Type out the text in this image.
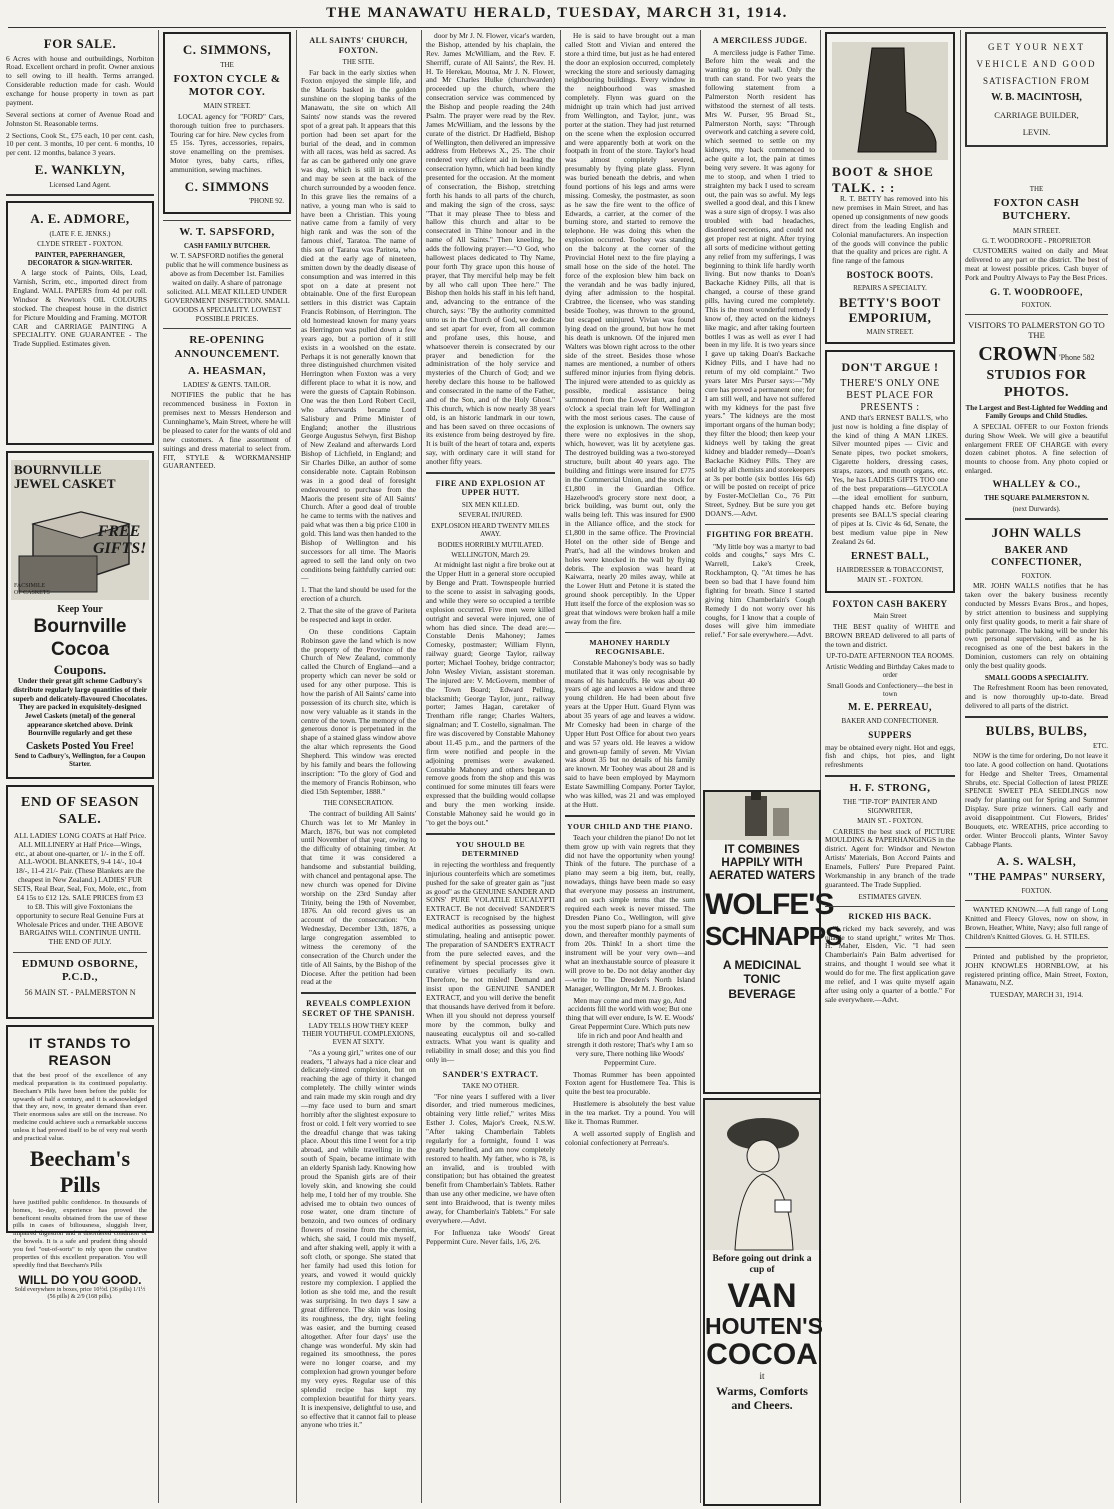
THE MANAWATU HERALD, TUESDAY, MARCH 31, 1914.
FOR SALE.

6 Acres with house and outbuildings, Norbiton Road. Excellent orchard in profit. Owner anxious to sell owing to ill health. Terms arranged. Considerable reduction made for cash. Would exchange for house property in town as part payment.

Several sections at corner of Avenue Road and Johnston St. Reasonable terms.

2 Sections, Cook St., £75 each, 10 per cent. cash, 10 per cent. 3 months, 10 per cent. 6 months, 10 per cent. 12 months, balance 3 years.

E. WANKLYN,
Licensed Land Agent.
A. E. ADMORE,
(LATE F. E. JENKS.)
CLYDE STREET - FOXTON.
PAINTER, PAPERHANGER, DECORATOR & SIGN-WRITER.

A large stock of Paints, Oils, Lead, Varnish, Scrim, etc., imported direct from England. WALL PAPERS from 4d per roll. Windsor & Newton's OIL COLOURS stocked. The cheapest house in the district for Picture Moulding and Framing. MOTOR CAR and CARRIAGE PAINTING A SPECIALITY. ONE GUARANTEE - The Trade Supplied. Estimates given.

BOURNVILLE JEWEL CASKET
FREE GIFTS!
FACSIMILE OF CASKETS
Keep Your
Bournville Cocoa
Coupons.

Under their great gift scheme Cadbury's distribute regularly large quantities of their superb and delicately-flavoured Chocolates. They are packed in exquisitely-designed Jewel Caskets (metal) of the general appearance sketched above. Drink Bournville regularly and get these

Caskets Posted You Free!
Send to Cadbury's, Wellington, for a Coupon Starter.
END OF SEASON SALE.

ALL LADIES' LONG COATS at Half Price. ALL MILLINERY at Half Price—Wings, etc., at about one-quarter, or 1/- in the £ off. ALL-WOOL BLANKETS, 9-4 14/-, 10-4 18/-, 11-4 21/- Pair. (These Blankets are the cheapest in New Zealand.) LADIES' FUR SETS, Real Bear, Seal, Fox, Mole, etc., from £4 15s to £12 12s. SALE PRICES from £3 to £8. This will give Foxtonians the opportunity to secure Real Genuine Furs at Wholesale Prices and under. THE ABOVE BARGAINS WILL CONTINUE UNTIL THE END OF JULY.

EDMUND OSBORNE, P.C.D.,
56 MAIN ST. - PALMERSTON N
IT STANDS TO REASON

that the best proof of the excellence of any medical preparation is its continued popularity. Beecham's Pills have been before the public for upwards of half a century, and it is acknowledged that they are, now, in greater demand than ever. Their enormous sales are still on the increase. No medicine could achieve such a remarkable success unless it had proved itself to be of very real worth and practical value.

Beecham's Pills

have justified public confidence. In thousands of homes, to-day, experience has proved the beneficent results obtained from the use of these pills in cases of biliousness, sluggish liver, impaired digestion and a disordered condition of the bowels. It is a safe and prudent thing should you feel "out-of-sorts" to rely upon the curative properties of this excellent preparation. You will speedily find that Beecham's Pills

WILL DO YOU GOOD.
Sold everywhere in boxes, price 10½d. (36 pills) 1/1½ (56 pills) & 2/9 (168 pills).
C. SIMMONS,
THE
FOXTON CYCLE & MOTOR COY.
MAIN STREET.

LOCAL agency for "FORD" Cars, thorough tuition free to purchasers. Touring car for hire. New cycles from £5 15s. Tyres, accessories, repairs, stove enamelling on the premises. Motor tyres, baby carts, rifles, ammunition, sewing machines.

C. SIMMONS
'PHONE 92.
W. T. SAPSFORD,
CASH FAMILY BUTCHER.

W. T. SAPSFORD notifies the general public that he will commence business as above as from December 1st. Families waited on daily. A share of patronage solicited. ALL MEAT KILLED UNDER GOVERNMENT INSPECTION. SMALL GOODS A SPECIALITY. LOWEST POSSIBLE PRICES.

RE-OPENING ANNOUNCEMENT.
A. HEASMAN,
LADIES' & GENTS. TAILOR.

NOTIFIES the public that he has recommenced business in Foxton in premises next to Messrs Henderson and Cunninghame's, Main Street, where he will be pleased to cater for the wants of old and new customers. A fine assortment of suitings and dress material to select from. FIT, STYLE & WORKMANSHIP GUARANTEED.

ALL SAINTS' CHURCH, FOXTON.
THE SITE.

Far back in the early sixties when Foxton enjoyed the simple life, and the Maoris basked in the golden sunshine on the sloping banks of the Manawatu, the site on which All Saints' now stands was the revered spot of a great pah. It appears that this portion had been set apart for the burial of the dead, and in common with all races, was held as sacred. As far as can be gathered only one grave was dug, which is still in existence and may be seen at the back of the church surrounded by a wooden fence. In this grave lies the remains of a native, a young man who is said to have been a Christian. This young native came from a family of very high rank and was the son of the famous chief, Taratoa. The name of this son of Taratoa was Pariteta, who died at the early age of nineteen, smitten down by the deadly disease of consumption and was interred in this spot on a date at present not obtainable. One of the first European settlers in this district was Captain Francis Robinson, of Herrington. The old homestead known for many years as Herrington was pulled down a few years ago, but a portion of it still exists in a woolshed on the estate. Perhaps it is not generally known that three distinguished churchmen visited Herrington when Foxton was a very different place to what it is now, and were the guests of Captain Robinson. One was the then Lord Robert Cecil, who afterwards became Lord Salisbury and Prime Minister of England; another the illustrious George Augustus Selwyn, first Bishop of New Zealand and afterwards Lord Bishop of Lichfield, in England; and Sir Charles Dilke, an author of some considerable note. Captain Robinson was in a good deal of foresight endeavoured to purchase from the Maoris the present site of All Saints' Church. After a good deal of trouble he came to terms with the natives and paid what was then a big price £100 in gold. This land was then handed to the Bishop of Wellington and his successors for all time. The Maoris agreed to sell the land only on two conditions being faithfully carried out:—

1. That the land should be used for the erection of a church.

2. That the site of the grave of Pariteta be respected and kept in order.

On these conditions Captain Robinson gave the land which is now the property of the Province of the Church of New Zealand, commonly called the Church of England—and a property which can never be sold or used for any other purpose. This is how the parish of All Saints' came into possession of its church site, which is now very valuable as it stands in the centre of the town. The memory of the generous donor is perpetuated in the shape of a stained glass window above the altar which represents the Good Shepherd. This window was erected by his family and bears the following inscription: "To the glory of God and the memory of Francis Robinson, who died 15th September, 1888."

THE CONSECRATION.

The contract of building All Saints' Church was let to Mr Manley in March, 1876, but was not completed until November of that year, owing to the difficulty of obtaining timber. At that time it was considered a handsome and substantial building, with chancel and pentagonal apse. The new church was opened for Divine worship on the 23rd Sunday after Trinity, being the 19th of November, 1876. An old record gives us an account of the consecration: "On Wednesday, December 13th, 1876, a large congregation assembled to witness the ceremony of the consecration of the Church under the title of All Saints, by the Bishop of the Diocese. After the petition had been read at the

REVEALS COMPLEXION SECRET OF THE SPANISH.
LADY TELLS HOW THEY KEEP THEIR YOUTHFUL COMPLEXIONS, EVEN AT SIXTY.

"As a young girl," writes one of our readers, "I always had a nice clear and delicately-tinted complexion, but on reaching the age of thirty it changed completely. The chilly winter winds and rain made my skin rough and dry—my face used to burn and smart horribly after the slightest exposure to frost or cold. I felt very worried to see the dreadful change that was taking place. About this time I went for a trip abroad, and while travelling in the south of Spain, became intimate with an elderly Spanish lady. Knowing how proud the Spanish girls are of their lovely skin, and knowing she could help me, I told her of my trouble. She advised me to obtain two ounces of rose water, one dram tincture of benzoin, and two ounces of ordinary flowers of roseine from the chemist, which, she said, I could mix myself, and after shaking well, apply it with a soft cloth, or sponge. She stated that her family had used this lotion for years, and vowed it would quickly restore my complexion. I applied the lotion as she told me, and the result was surprising. In two days I saw a great difference. The skin was losing its roughness, the dry, tight feeling was easier, and the burning ceased altogether. After four days' use the change was wonderful. My skin had regained its smoothness, the pores were no longer coarse, and my complexion had grown younger before my very eyes. Regular use of this splendid recipe has kept my complexion beautiful for thirty years. It is inexpensive, delightful to use, and so effective that it cannot fail to please anyone who tries it."

door by Mr J. N. Flower, vicar's warden, the Bishop, attended by his chaplain, the Rev. James McWilliam, and the Rev. F. Sherriff, curate of All Saints', the Rev. H. H. Te Herekau, Moutoa, Mr J. N. Flower, and Mr Charles Hulke (churchwarden) proceeded up the church, where the consecration service was commenced by the Bishop and people reading the 24th Psalm. The prayer were read by the Rev. James McWilliam, and the lessons by the curate of the district. Dr Hadfield, Bishop of Wellington, then delivered an impressive address from Hebrews X., 25. The choir rendered very efficient aid in leading the consecration hymn, which had been kindly presented for the occasion. At the moment of consecration, the Bishop, stretching forth his hands to all parts of the church, and making the sign of the cross, says: "That it may please Thee to bless and hallow this church and altar to be consecrated in Thine honour and in the name of All Saints." Then kneeling, he adds the following prayer:—"O God, who hallowest places dedicated to Thy Name, pour forth Thy grace upon this house of prayer, that Thy merciful help may be felt by all who call upon Thee here." The Bishop then holds his staff in his left hand, and, advancing to the entrance of the church, says: "By the authority committed unto us in the Church of God, we dedicate and set apart for ever, from all common and profane uses, this house, and whatsoever therein is consecrated by our prayer and benediction for the administration of the holy service and mysteries of the Church of God; and we hereby declare this house to be hallowed and consecrated in the name of the Father, and of the Son, and of the Holy Ghost." This church, which is now nearly 38 years old, is an historic landmark in our town, and has been saved on three occasions of its existence from being destroyed by fire. It is built of the heart of totara and, experts say, with ordinary care it will stand for another fifty years.

FIRE AND EXPLOSION AT UPPER HUTT.
SIX MEN KILLED.
SEVERAL INJURED.
EXPLOSION HEARD TWENTY MILES AWAY.
BODIES HORRIBLY MUTILATED.
WELLINGTON, March 29.

At midnight last night a fire broke out at the Upper Hutt in a general store occupied by Benge and Pratt. Townspeople hurried to the scene to assist in salvaging goods, and while they were so occupied a terrible explosion occurred. Five men were killed outright and several were injured, one of whom has died since. The dead are:—Constable Denis Mahoney; James Comesky, postmaster; William Flynn, railway guard; George Taylor, railway porter; Michael Toohey, bridge contractor; John Wesley Vivian, assistant storeman. The injured are: V. McGovern, member of the Town Board; Edward Pelling, blacksmith; George Taylor, junr., railway porter; James Hagan, caretaker of Trentham rifle range; Charles Walters, signalman; and T. Costello, signalman. The fire was discovered by Constable Mahoney about 11.45 p.m., and the partners of the firm were notified and people in the adjoining premises were awakened. Constable Mahoney and others began to remove goods from the shop and this was continued for some minutes till fears were expressed that the building would collapse and bury the men working inside. Constable Mahoney said he would go in "to get the boys out."

YOU SHOULD BE DETERMINED

in rejecting the worthless and frequently injurious counterfeits which are sometimes pushed for the sake of greater gain as "just as good" as the GENUINE SANDER AND SONS' PURE VOLATILE EUCALYPTI EXTRACT. Be not deceived! SANDER'S EXTRACT is recognised by the highest medical authorities as possessing unique stimulating, healing and antiseptic power. The preparation of SANDER'S EXTRACT from the pure selected eaves, and the refinement by special processes give it curative virtues peculiarly its own. Therefore, be not misled! Demand and insist upon the GENUINE SANDER EXTRACT, and you will derive the benefit that thousands have derived from it before. When ill you should not depress yourself more by the common, bulky and nauseating eucalyptus oil and so-called extracts. What you want is quality and reliability in small dose; and this you find only in—

SANDER'S EXTRACT.
TAKE NO OTHER.

"For nine years I suffered with a liver disorder, and tried numerous medicines, obtaining very little relief," writes Miss Esther J. Coles, Major's Creek, N.S.W. "After taking Chamberlain Tablets regularly for a fortnight, found I was greatly benefited, and am now completely restored to health. My father, who is 78, is an invalid, and is troubled with constipation; but has obtained the greatest benefit from Chamberlain's Tablets. Rather than use any other medicine, we have often sent into Braidwood, that is twenty miles away, for Chamberlain's Tablets." For sale everywhere.—Advt.

For Influenza take Woods' Great Peppermint Cure. Never fails, 1/6, 2/6.

He is said to have brought out a man called Stott and Vivian and entered the store a third time, but just as he had entered the door an explosion occurred, completely wrecking the store and seriously damaging neighbouring buildings. Every window in the neighbourhood was smashed completely. Flynn was guard on the midnight up train which had just arrived from Wellington, and Taylor, junr., was porter at the station. They had just returned on the scene when the explosion occurred and were apparently both at work on the footpath in front of the store. Taylor's head was almost completely severed, presumably by flying plate glass. Flynn was buried beneath the debris, and when found portions of his legs and arms were missing. Comesky, the postmaster, as soon as he saw the fire went to the office of Edwards, a carrier, at the corner of the burning store, and started to remove the telephone. He was doing this when the explosion occurred. Toohey was standing on the balcony at the corner of the Provincial Hotel next to the fire playing a small hose on the side of the hotel. The force of the explosion blew him back on the verandah and he was badly injured, dying after admission to the hospital. Crabtree, the licensee, who was standing beside Toohey, was thrown to the ground, but escaped uninjured. Vivian was found lying dead on the ground, but how he met his death is unknown. Of the injured men Walters was blown right across to the other side of the street. Besides those whose names are mentioned, a number of others suffered minor injuries from flying debris. The injured were attended to as quickly as possible, medical assistance being summoned from the Lower Hutt, and at 2 o'clock a special train left for Wellington with the most serious cases. The cause of the explosion is unknown. The owners say there were no explosives in the shop, which, however, was lit by acetylene gas. The destroyed building was a two-storeyed structure, built about 40 years ago. The building and fittings were insured for £775 in the Commercial Union, and the stock for £1,800 in the Guardian Office. Hazelwood's grocery store next door, a brick building, was burnt out, only the walls being left. This was insured for £900 in the Alliance office, and the stock for £1,800 in the same office. The Provincial Hotel on the other side of Benge and Pratt's, had all the windows broken and holes were knocked in the wall by flying debris. The explosion was heard at Kaiwarra, nearly 20 miles away, while at the Lower Hutt and Petone it is stated the ground shook perceptibly. In the Upper Hutt itself the force of the explosion was so great that windows were broken half a mile away from the fire.

MAHONEY HARDLY RECOGNISABLE.

Constable Mahoney's body was so badly mutilated that it was only recognisable by means of his handcuffs. He was about 40 years of age and leaves a widow and three young children. He had been about five years at the Upper Hutt. Guard Flynn was about 35 years of age and leaves a widow. Mr Comesky had been in charge of the Upper Hutt Post Office for about two years and was 57 years old. He leaves a widow and grown-up family of seven. Mr Vivian was about 35 but no details of his family are known. Mr Toohey was about 28 and is said to have been employed by Maymorn Estate Sawmilling Company. Porter Taylor, who was killed, was 21 and was employed at the Hutt.

YOUR CHILD AND THE PIANO.

Teach your children the piano! Do not let them grow up with vain regrets that they did not have the opportunity when young! Think of the future. The purchase of a piano may seem a big item, but, really, nowadays, things have been made so easy that everyone may possess an instrument, and on such simple terms that the sum required each week is never missed. The Dresden Piano Co., Wellington, will give you the most superb piano for a small sum down, and thereafter monthly payments of from 20s. Think! In a short time the instrument will be your very own—and what an inexhaustable source of pleasure it will prove to be. Do not delay another day—write to The Dresden's North Island Manager, Wellington, Mr M. J. Brookes.

Men may come and men may go, And accidents fill the world with woe; But one thing that will ever endure, Is W. E. Woods' Great Peppermint Cure. Which puts new life in rich and poor And health and strength it doth restore; That's why I am so very sure, There nothing like Woods' Peppermint Cure.

Thomas Rummer has been appointed Foxton agent for Hustlemere Tea. This is quite the best tea procurable.

Hustlemere is absolutely the best value in the tea market. Try a pound. You will like it. Thomas Rummer.

A well assorted supply of English and colonial confectionery at Perreau's.

A MERCILESS JUDGE.

A merciless judge is Father Time. Before him the weak and the wanting go to the wall. Only the truth can stand. For two years the following statement from a Palmerston North resident has withstood the sternest of all tests. Mrs W. Purser, 95 Broad St., Palmerston North, says: "Through overwork and catching a severe cold, which seemed to settle on my kidneys, my back commenced to ache quite a lot, the pain at times being very severe. It was agony for me to stoop, and when I tried to straighten my back I used to scream out, the pain was so awful. My legs swelled a good deal, and this I knew was a sure sign of dropsy. I was also troubled with bad headaches, disordered secretions, and could not get proper rest at night. After trying all sorts of medicine without getting any relief from my sufferings, I was beginning to think life hardly worth living. But now thanks to Doan's Backache Kidney Pills, all that is changed, a course of these grand pills, having cured me completely. This is the most wonderful remedy I know of, they acted on the kidneys like magic, and after taking fourteen bottles I was as well as ever I had been in my life. It is two years since I gave up taking Doan's Backache Kidney Pills, and I have had no return of my old complaint." Two years later Mrs Purser says:—"My cure has proved a permanent one; for I am still well, and have not suffered with my kidneys for the past five years." The kidneys are the most important organs of the human body; they filter the blood; then keep your kidneys well by taking the great kidney and bladder remedy—Doan's Backache Kidney Pills. They are sold by all chemists and storekeepers at 3s per bottle (six bottles 16s 6d) or will be posted on receipt of price by Foster-McClellan Co., 76 Pitt Street, Sydney. But be sure you get DOAN'S.—Advt.

FIGHTING FOR BREATH.

"My little boy was a martyr to bad colds and coughs," says Mrs C. Warrell, Lake's Creek, Rockhampton, Q. "At times he has been so bad that I have found him fighting for breath. Since I started giving him Chamberlain's Cough Remedy I do not worry over his coughs, for I know that a couple of doses will give him immediate relief." For sale everywhere.—Advt.

IT COMBINES HAPPILY WITH AERATED WATERS
WOLFE'S
SCHNAPPS
A MEDICINAL TONIC BEVERAGE
Before going out drink a cup of
VAN
HOUTEN'S
COCOA
it
Warms, Comforts and Cheers.
BOOT & SHOE TALK. : :

R. T. BETTY has removed into his new premises in Main Street, and has opened up consignments of new goods direct from the leading English and Colonial manufacturers. An inspection of the goods will convince the public that the quality and prices are right. A fine range of the famous

BOSTOCK BOOTS.
REPAIRS A SPECIALTY.
BETTY'S BOOT EMPORIUM,
MAIN STREET.
DON'T ARGUE !
THERE'S ONLY ONE BEST PLACE FOR PRESENTS :

AND that's ERNEST BALL'S, who just now is holding a fine display of the kind of thing A MAN LIKES. Silver mounted pipes — Civic and Senate pipes, two pocket smokers, Cigarette holders, dressing cases, straps, razors, and mouth organs, etc. Yes, he has LADIES GIFTS TOO one of the best preparations—GLYCOLA—the ideal emollient for sunburn, chapped hands etc. Before buying presents see BALL'S special clearing of pipes at Is. Civic 4s 6d, Senate, the best medium value pipe in New Zealand 2s 6d.

ERNEST BALL,
HAIRDRESSER & TOBACCONIST,
MAIN ST. - FOXTON.
FOXTON CASH BAKERY
Main Street

THE BEST quality of WHITE and BROWN BREAD delivered to all parts of the town and district.

UP-TO-DATE AFTERNOON TEA ROOMS.
Artistic Wedding and Birthday Cakes made to order
Small Goods and Confectionery—the best in town
M. E. PERREAU,
BAKER AND CONFECTIONER.
SUPPERS

may be obtained every night. Hot and eggs, fish and chips, hot pies, and light refreshments

H. F. STRONG,
THE "TIP-TOP" PAINTER AND SIGNWRITER,
MAIN ST. - FOXTON.

CARRIES the best stock of PICTURE MOULDING & PAPERHANGINGS in the district. Agent for: Windsor and Newton Artists' Materials, Bon Accord Paints and Enamels, Fullers' Pure Prepared Paint. Workmanship in any branch of the trade guaranteed. The Trade Supplied.

ESTIMATES GIVEN.
RICKED HIS BACK.

"I ricked my back severely, and was unable to stand upright," writes Mr Thos. H. Maher, Elsden, Vic. "I had seen Chamberlain's Pain Balm advertised for strains, and thought I would see what it would do for me. The first application gave me relief, and I was quite myself again after using only a quarter of a bottle." For sale everywhere.—Advt.

GET YOUR NEXT
VEHICLE AND GOOD
SATISFACTION FROM
W. B. MACINTOSH,
CARRIAGE BUILDER,
LEVIN.
THE
FOXTON CASH BUTCHERY.
MAIN STREET.
G. T. WOODROOFE - PROPRIETOR

CUSTOMERS waited on daily and Meat delivered to any part or the district. The best of meat at lowest possible prices. Cash buyer of Pork and Poultry Always to Pay the Best Prices.

G. T. WOODROOFE,
FOXTON.
VISITORS TO PALMERSTON GO TO THE
CROWN 'Phone 582
STUDIOS FOR PHOTOS.
The Largest and Best-Lighted for Wedding and Family Groups and Child Studies.

A SPECIAL OFFER to our Foxton friends during Show Week. We will give a beautiful enlargement FREE OF CHARGE with every dozen cabinet photos. A fine selection of mounts to choose from. Any photo copied or enlarged.

WHALLEY & CO.,
THE SQUARE PALMERSTON N.
(next Durwards).
JOHN WALLS
BAKER AND CONFECTIONER,
FOXTON.

MR. JOHN WALLS notifies that he has taken over the bakery business recently conducted by Messrs Evans Bros., and hopes, by strict attention to business and supplying only first quality goods, to merit a fair share of public patronage. The baking will be under his own personal supervision, and as he is recognised as one of the best bakers in the Dominion, customers can rely on obtaining only the best quality goods.

SMALL GOODS A SPECIALITY.

The Refreshment Room has been renovated, and is now thoroughly up-to-date. Bread delivered to all parts of the district.

BULBS, BULBS,
ETC.

NOW is the time for ordering, Do not leave it too late. A good collection on hand. Quotations for Hedge and Shelter Trees, Ornamental Shrubs, etc. Special Collection of latest PRIZE SPENCE SWEET PEA SEEDLINGS now ready for planting out for Spring and Summer Display. Sure prize winners. Call early and avoid disappointment. Cut Flowers, Brides' Bouquets, etc. WREATHS, price according to order. Winter Broccoli plants, Winter Savoy Cabbage Plants.

A. S. WALSH,
"THE PAMPAS" NURSERY,
FOXTON.

WANTED KNOWN.—A full range of Long Knitted and Fleecy Gloves, now on show, in Brown, Heather, White, Navy; also full range of Children's Knitted Gloves. G. H. STILES.

Printed and published by the proprietor, JOHN KNOWLES HORNBLOW, at his registered printing office, Main Street, Foxton, Manawatu, N.Z.

TUESDAY, MARCH 31, 1914.
